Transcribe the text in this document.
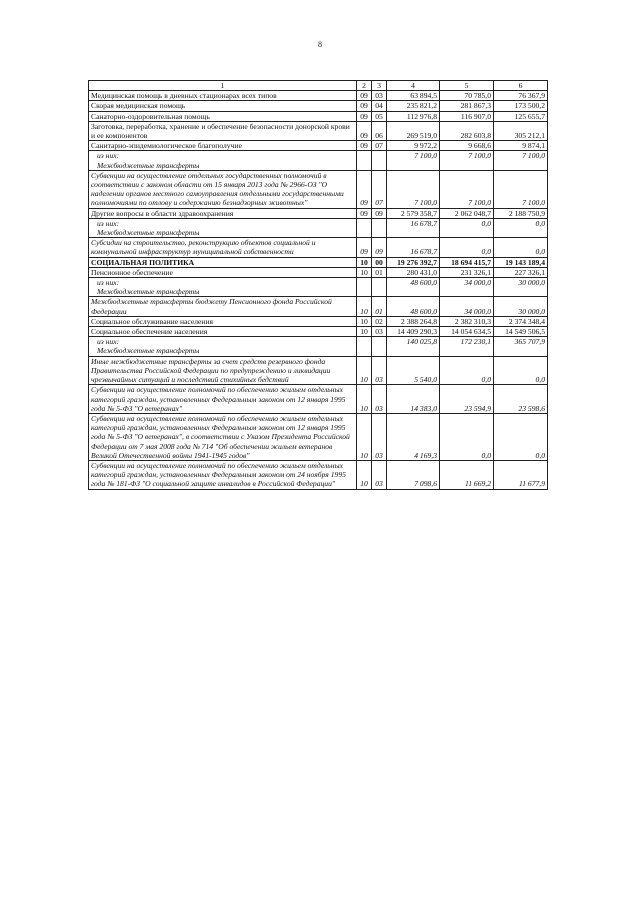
8
1	2	3	4	5	6
Медицинская помощь в дневных стационарах всех типов	09	03	63 894,5	70 785,0	76 367,9
Скорая медицинская помощь	09	04	235 821,2	281 867,3	173 500,2
Санаторно-оздоровительная помощь	09	05	112 976,8	116 907,0	125 655,7
Заготовка, переработка, хранение и обеспечение безопасности донорской крови и ее компонентов	09	06	269 519,0	282 603,8	305 212,1
Санитарно-эпидемиологическое благополучие	09	07	9 972,2	9 668,6	9 874,1

из них:
Межбюджетные трансферты			7 100,0	7 100,0	7 100,0
Субвенции на осуществление отдельных государственных полномочий в соответствии с законом области от 15 января 2013 года № 2966-ОЗ "О наделении органов местного самоуправления отдельными государственными полномочиями по отлову и содержанию безнадзорных животных"	09	07	7 100,0	7 100,0	7 100,0
Другие вопросы в области здравоохранения	09	09	2 579 358,7	2 062 048,7	2 188 750,9

из них:
Межбюджетные трансферты			16 678,7	0,0	0,0
Субсидии на строительство, реконструкцию объектов социальной и коммунальной инфраструктур муниципальной собственности	09	09	16 678,7	0,0	0,0
СОЦИАЛЬНАЯ ПОЛИТИКА	10	00	19 276 392,7	18 694 415,7	19 143 189,4
Пенсионное обеспечение	10	01	280 431,0	231 326,1	227 326,1

из них:
Межбюджетные трансферты			48 600,0	34 000,0	30 000,0
Межбюджетные трансферты бюджету Пенсионного фонда Российской Федерации	10	01	48 600,0	34 000,0	30 000,0
Социальное обслуживание населения	10	02	2 388 264,8	2 382 310,3	2 374 348,4
Социальное обеспечение населения	10	03	14 409 290,3	14 054 634,5	14 549 506,5

из них:
Межбюджетные трансферты			140 025,8	172 230,1	365 707,9
Иные межбюджетные трансферты за счет средств резервного фонда Правительства Российской Федерации по предупреждению и ликвидации чрезвычайных ситуаций и последствий стихийных бедствий	10	03	5 540,0	0,0	0,0
Субвенции на осуществление полномочий по обеспечению жильем отдельных категорий граждан, установленных Федеральным законом от 12 января 1995 года № 5-ФЗ "О ветеранах"	10	03	14 383,0	23 594,9	23 598,6
Субвенции на осуществление полномочий по обеспечению жильем отдельных категорий граждан, установленных Федеральным законом от 12 января 1995 года № 5-ФЗ "О ветеранах", в соответствии с Указом Президента Российской Федерации от 7 мая 2008 года № 714 "Об обеспечении жильем ветеранов Великой Отечественной войны 1941-1945 годов"	10	03	4 169,3	0,0	0,0
Субвенции на осуществление полномочий по обеспечению жильем отдельных категорий граждан, установленных Федеральным законом от 24 ноября 1995 года № 181-ФЗ "О социальной защите инвалидов в Российской Федерации"	10	03	7 098,6	11 669,2	11 677,9
